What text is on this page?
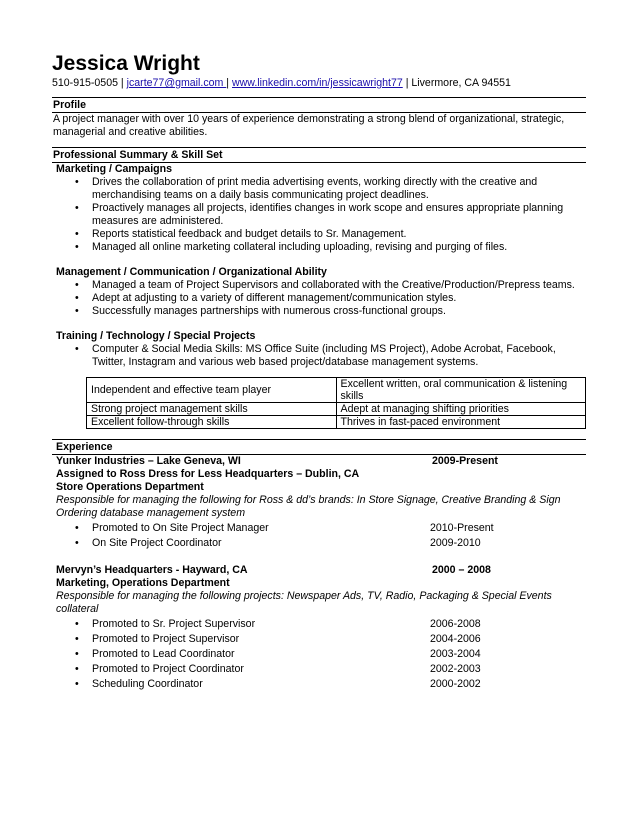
Jessica Wright
510-915-0505 | jcarte77@gmail.com | www.linkedin.com/in/jessicawright77 | Livermore, CA 94551
Profile
A project manager with over 10 years of experience demonstrating a strong blend of organizational, strategic, managerial and creative abilities.
Professional Summary & Skill Set
Marketing / Campaigns
• Drives the collaboration of print media advertising events, working directly with the creative and merchandising teams on a daily basis communicating project deadlines.
• Proactively manages all projects, identifies changes in work scope and ensures appropriate planning measures are administered.
• Reports statistical feedback and budget details to Sr. Management.
• Managed all online marketing collateral including uploading, revising and purging of files.
Management / Communication / Organizational Ability
• Managed a team of Project Supervisors and collaborated with the Creative/Production/Prepress teams.
• Adept at adjusting to a variety of different management/communication styles.
• Successfully manages partnerships with numerous cross-functional groups.
Training / Technology / Special Projects
• Computer & Social Media Skills: MS Office Suite (including MS Project), Adobe Acrobat, Facebook, Twitter, Instagram and various web based project/database management systems.
Independent and effective team player	Excellent written, oral communication & listening skills
Strong project management skills	Adept at managing shifting priorities
Excellent follow-through skills	Thrives in fast-paced environment
Experience
Yunker Industries – Lake Geneva, WI	2009-Present
Assigned to Ross Dress for Less Headquarters – Dublin, CA
Store Operations Department
Responsible for managing the following for Ross & dd’s brands: In Store Signage, Creative Branding & Sign Ordering database management system
• Promoted to On Site Project Manager	2010-Present
• On Site Project Coordinator	2009-2010
Mervyn’s Headquarters - Hayward, CA	2000 – 2008
Marketing, Operations Department
Responsible for managing the following projects: Newspaper Ads, TV, Radio, Packaging & Special Events collateral
• Promoted to Sr. Project Supervisor	2006-2008
• Promoted to Project Supervisor	2004-2006
• Promoted to Lead Coordinator	2003-2004
• Promoted to Project Coordinator	2002-2003
• Scheduling Coordinator	2000-2002
